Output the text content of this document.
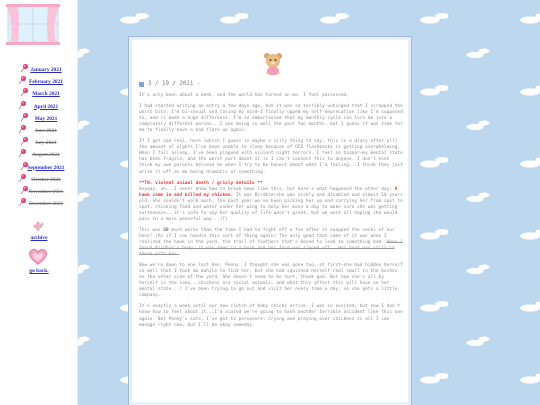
January 2021
February 2021
March 2021
April 2021
May 2021
June 2021
July 2021
August 2021
September 2021
October 2021
November 2021
December 2021
archive
go back.
3 / 19 / 2021 -

It's only been about a week, and the world has turned on me. I feel possessed.

I had started writing an entry a few days ago, but it was so terribly unhinged that I scrapped the worst bits. I'm bi-sexual and losing my mind—I finally upped my self-deprecation like I'm supposed to, and it made a huge difference. I'm so embarrassed that my monthly cycle can turn me into a completely different person...I was doing so well the past two months, but I guess it was time for me to finally have a bad flare-up again.

If I get can real, here (which I guess is maybe a silly thing to say, this is a diary after all) the amount of nights I've been unable to sleep because of OCD flashbacks is getting overwhelming. When I fall asleep, I've been plagued with violent night terrors. I feel so hazmar—my mental state has been fragile, and the worst part about it is I can't connect this to anyone. I don't even think my own parents believe me when I try to be honest about what I'm feeling...I think they just write it off as me being dramatic or something.

**TW: violent animal death / grisly details **
Anyway, uh...I never know how to break news like this, but here's what happened the other day: A hawk came in and killed my chicken. It was Birdbie—she was sickly and disabled and almost 10 years old. She couldn't walk much. The past year we've been picking her up and carrying her from spot to spot, sticking food and water under her wing to help her move a day to make sure she was getting sustenance...it's safe to say her quality of life wasn't great, but we were all hoping she would pass in a more peaceful way...(T)

This was SO much worse than the time I had to fight off a fox after it snapped the necks of our hens! (As if I can handle this sort of thing again) The only good that came of it was when I realized the hawk in the yard, the trail of feathers that's bound to lead to something bad. When I found Birdbie's body, it was deep in a bush and her face was ripped off...Her head was still in there with her.

Now we're down to one last hen, Penny. I thought she was gone too, at first—she had hidden herself so well that I took me awhile to find her, but she had squished herself real small in the bushes on the other side of the yard. She doesn't seem to be hurt, thank god. But now she's all by herself in the coop...chickens are social animals, and what this affect this will have on her mental state...? I've been trying to go out and visit her every time a day, so she gets a little company.

It's exactly a week until our new clutch of baby chicks arrive. I was so excited, but now I don't know how to feel about it...I'm scared we're going to have another terrible accident like this one again. But Penny's safe, I've got to persevere. Crying and praying over chickens is all I can manage right now, but I'll be okay someday.
